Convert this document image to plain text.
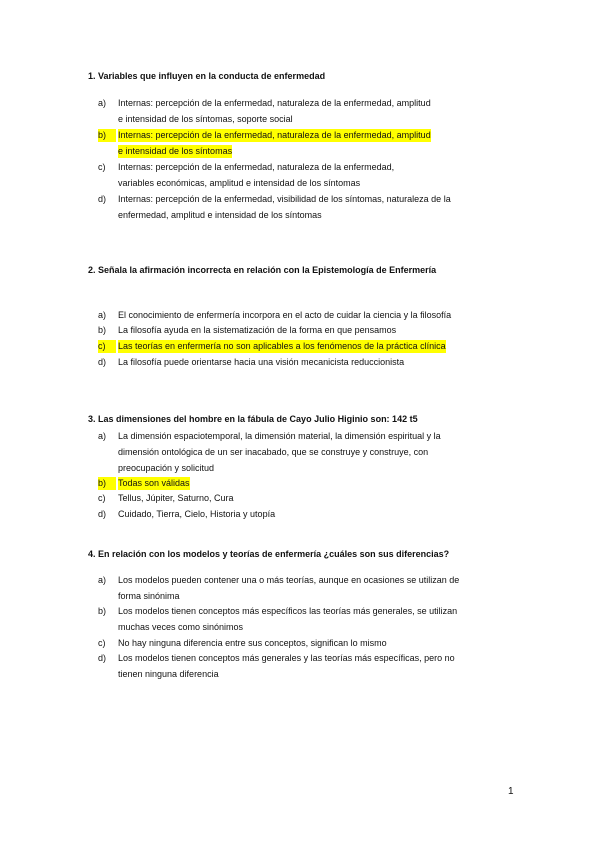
1
1. Variables que influyen en la conducta de enfermedad
a) Internas: percepción de la enfermedad, naturaleza de la enfermedad, amplitud
e intensidad de los síntomas, soporte social
b)	Internas: percepción de la enfermedad, naturaleza de la enfermedad, amplitud
e intensidad de los síntomas
c) Internas: percepción de la enfermedad, naturaleza de la enfermedad,
variables económicas, amplitud e intensidad de los síntomas
d) Internas: percepción de la enfermedad, visibilidad de los síntomas, naturaleza de la
enfermedad, amplitud e intensidad de los síntomas
2. Señala la afirmación incorrecta en relación con la Epistemología de Enfermería
a) El conocimiento de enfermería incorpora en el acto de cuidar la ciencia y la filosofía
b) La filosofía ayuda en la sistematización de la forma en que pensamos
c)	Las teorías en enfermería no son aplicables a los fenómenos de la práctica clínica
d) La filosofía puede orientarse hacia una visión mecanicista reduccionista
3. Las dimensiones del hombre en la fábula de Cayo Julio Higinio son: 142 t5
a) La dimensión espaciotemporal, la dimensión material, la dimensión espiritual y la
dimensión ontológica de un ser inacabado, que se construye y construye, con
preocupación y solicitud
b)	Todas son válidas
c) Tellus, Júpiter, Saturno, Cura
d) Cuidado, Tierra, Cielo, Historia y utopía
4. En relación con los modelos y teorías de enfermería ¿cuáles son sus diferencias?
a) Los modelos pueden contener una o más teorías, aunque en ocasiones se utilizan de
forma sinónima
b) Los modelos tienen conceptos más específicos las teorías más generales, se utilizan
muchas veces como sinónimos
c) No hay ninguna diferencia entre sus conceptos, significan lo mismo
d) Los modelos tienen conceptos más generales y las teorías más específicas, pero no
tienen ninguna diferencia
